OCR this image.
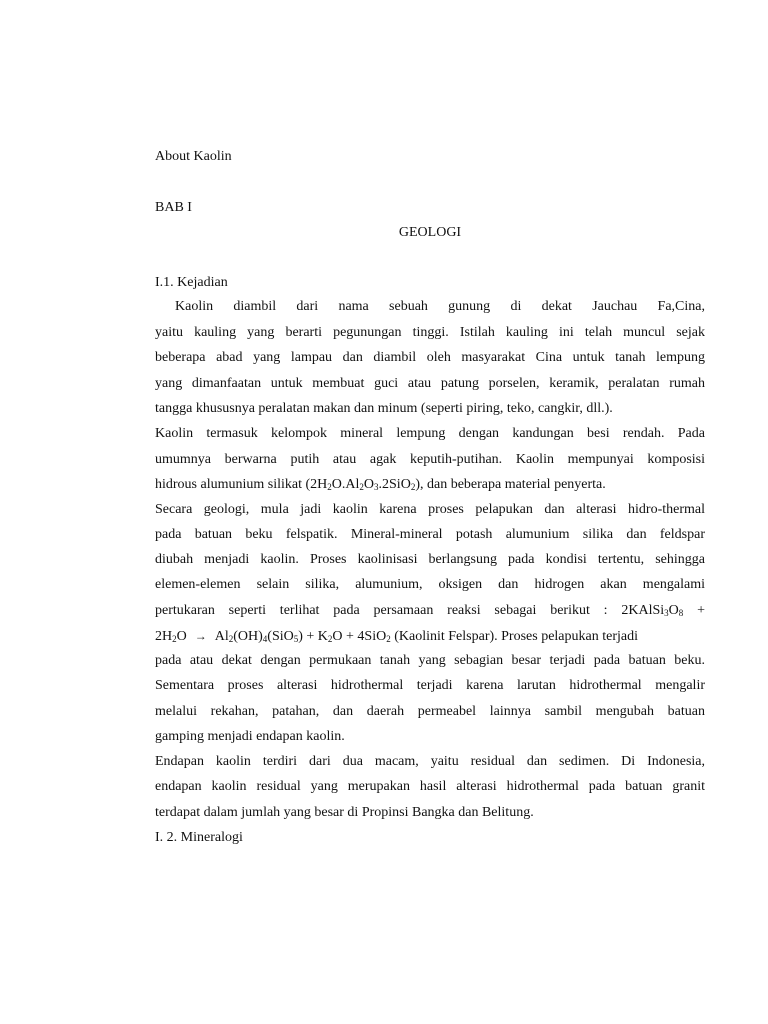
About Kaolin
BAB I
GEOLOGI
I.1. Kejadian
Kaolin diambil dari nama sebuah gunung di dekat Jauchau Fa,Cina,
yaitu kauling yang berarti pegunungan tinggi. Istilah kauling ini telah muncul sejak
beberapa abad yang lampau dan diambil oleh masyarakat Cina untuk tanah lempung
yang dimanfaatan untuk membuat guci atau patung porselen, keramik, peralatan rumah
tangga khususnya peralatan makan dan minum (seperti piring, teko, cangkir, dll.).
Kaolin termasuk kelompok mineral lempung dengan kandungan besi rendah. Pada
umumnya berwarna putih atau agak keputih-putihan. Kaolin mempunyai komposisi
hidrous alumunium silikat $(2H_2O.Al_2O_3.2SiO_2)$, dan beberapa material penyerta.
Secara geologi, mula jadi kaolin karena proses pelapukan dan alterasi hidro-thermal
pada batuan beku felspatik. Mineral-mineral potash alumunium silika dan feldspar
diubah menjadi kaolin. Proses kaolinisasi berlangsung pada kondisi tertentu, sehingga
elemen-elemen selain silika, alumunium, oksigen dan hidrogen akan mengalami
pertukaran seperti terlihat pada persamaan reaksi sebagai berikut : $2KAlSi_3O_8$ +
$2H_2O \to Al_2(OH)_4(SiO_5) + K_2O + 4SiO_2$ (Kaolinit Felspar). Proses pelapukan terjadi
pada atau dekat dengan permukaan tanah yang sebagian besar terjadi pada batuan beku.
Sementara proses alterasi hidrothermal terjadi karena larutan hidrothermal mengalir
melalui rekahan, patahan, dan daerah permeabel lainnya sambil mengubah batuan
gamping menjadi endapan kaolin.
Endapan kaolin terdiri dari dua macam, yaitu residual dan sedimen. Di Indonesia,
endapan kaolin residual yang merupakan hasil alterasi hidrothermal pada batuan granit
terdapat dalam jumlah yang besar di Propinsi Bangka dan Belitung.
I. 2. Mineralogi
